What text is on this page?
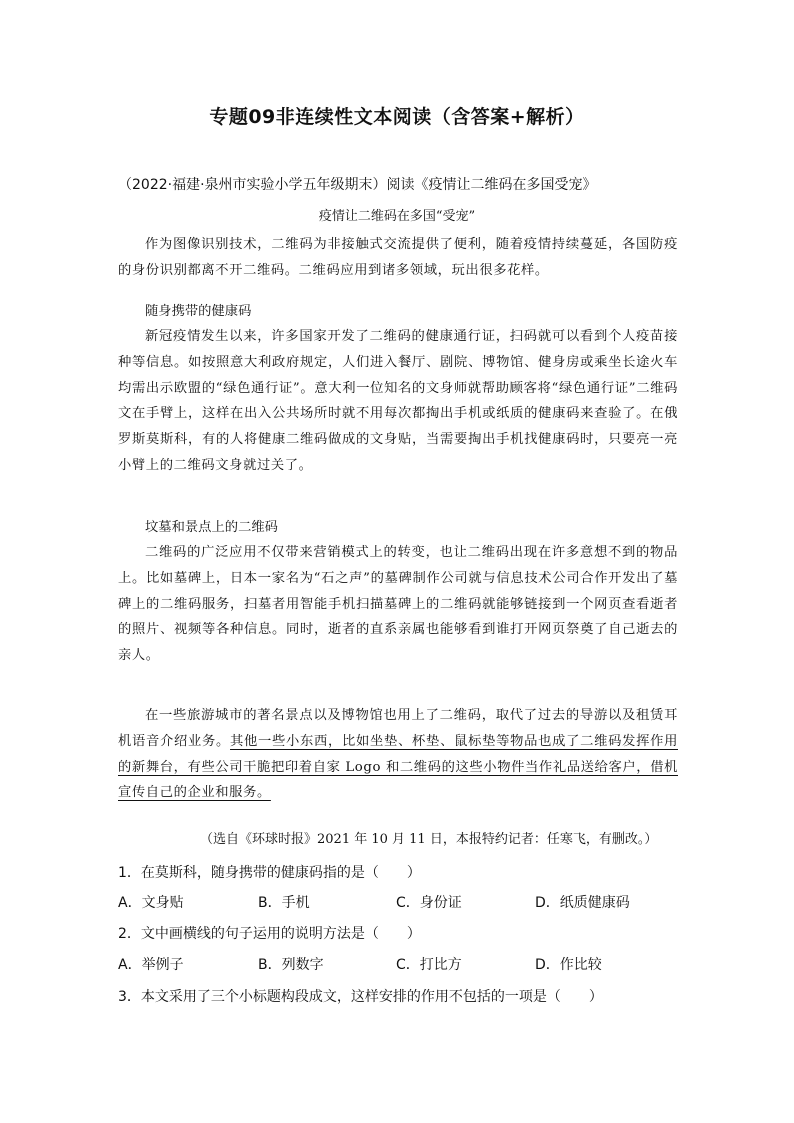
专题09非连续性文本阅读（含答案+解析）
（2022·福建·泉州市实验小学五年级期末）阅读《疫情让二维码在多国受宠》
疫情让二维码在多国“受宠”
作为图像识别技术，二维码为非接触式交流提供了便利，随着疫情持续蔓延，各国防疫的身份识别都离不开二维码。二维码应用到诸多领域，玩出很多花样。
随身携带的健康码
新冠疫情发生以来，许多国家开发了二维码的健康通行证，扫码就可以看到个人疫苗接种等信息。如按照意大利政府规定，人们进入餐厅、剧院、博物馆、健身房或乘坐长途火车均需出示欧盟的“绿色通行证”。意大利一位知名的文身师就帮助顾客将“绿色通行证”二维码文在手臂上，这样在出入公共场所时就不用每次都掏出手机或纸质的健康码来查验了。在俄罗斯莫斯科，有的人将健康二维码做成的文身贴，当需要掏出手机找健康码时，只要亮一亮小臂上的二维码文身就过关了。
坟墓和景点上的二维码
二维码的广泛应用不仅带来营销模式上的转变，也让二维码出现在许多意想不到的物品上。比如墓碑上，日本一家名为“石之声”的墓碑制作公司就与信息技术公司合作开发出了墓碑上的二维码服务，扫墓者用智能手机扫描墓碑上的二维码就能够链接到一个网页查看逝者的照片、视频等各种信息。同时，逝者的直系亲属也能够看到谁打开网页祭奠了自己逝去的亲人。
在一些旅游城市的著名景点以及博物馆也用上了二维码，取代了过去的导游以及租赁耳机语音介绍业务。其他一些小东西，比如坐垫、杯垫、鼠标垫等物品也成了二维码发挥作用的新舞台，有些公司干脆把印着自家 Logo 和二维码的这些小物件当作礼品送给客户，借机宣传自己的企业和服务。
（选自《环球时报》2021 年 10 月 11 日，本报特约记者：任寒飞，有删改。）
1．在莫斯科，随身携带的健康码指的是（　　）
A．文身贴	B．手机	C．身份证	D．纸质健康码
2．文中画横线的句子运用的说明方法是（　　）
A．举例子	B．列数字	C．打比方	D．作比较
3．本文采用了三个小标题构段成文，这样安排的作用不包括的一项是（　　）
